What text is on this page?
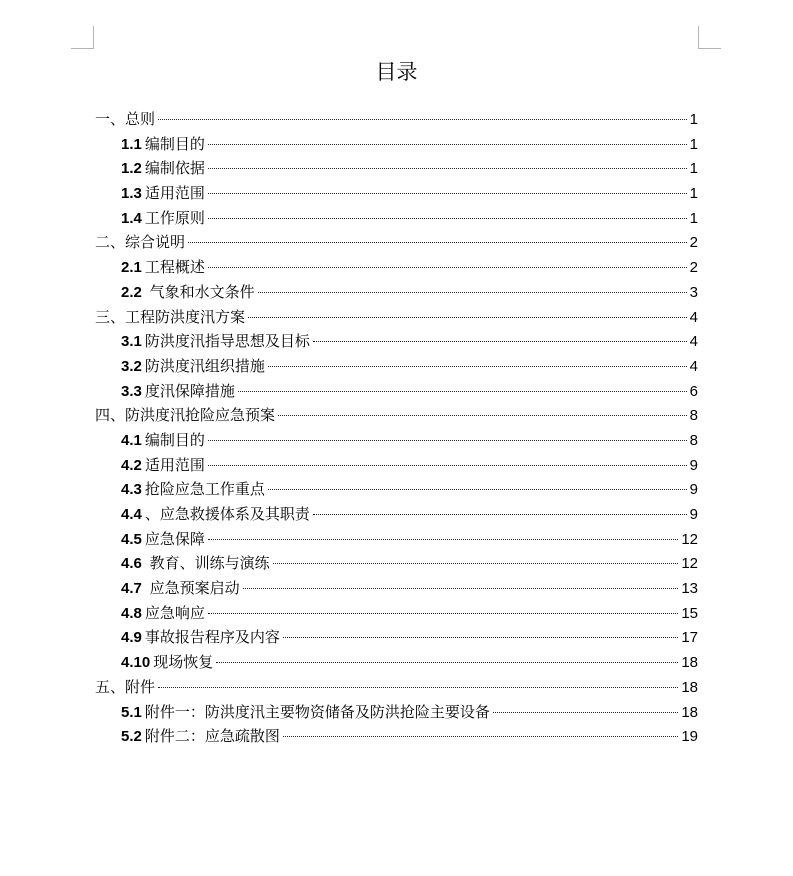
目录
一、总则	1
1.1 编制目的	1
1.2 编制依据	1
1.3 适用范围	1
1.4 工作原则	1
二、综合说明	2
2.1 工程概述	2
2.2 气象和水文条件	3
三、工程防洪度汛方案	4
3.1 防洪度汛指导思想及目标	4
3.2 防洪度汛组织措施	4
3.3 度汛保障措施	6
四、防洪度汛抢险应急预案	8
4.1 编制目的	8
4.2 适用范围	9
4.3 抢险应急工作重点	9
4.4 、应急救援体系及其职责	9
4.5 应急保障	12
4.6 教育、训练与演练	12
4.7 应急预案启动	13
4.8 应急响应	15
4.9 事故报告程序及内容	17
4.10 现场恢复	18
五、附件	18
5.1 附件一：防洪度汛主要物资储备及防洪抢险主要设备	18
5.2 附件二：应急疏散图	19
